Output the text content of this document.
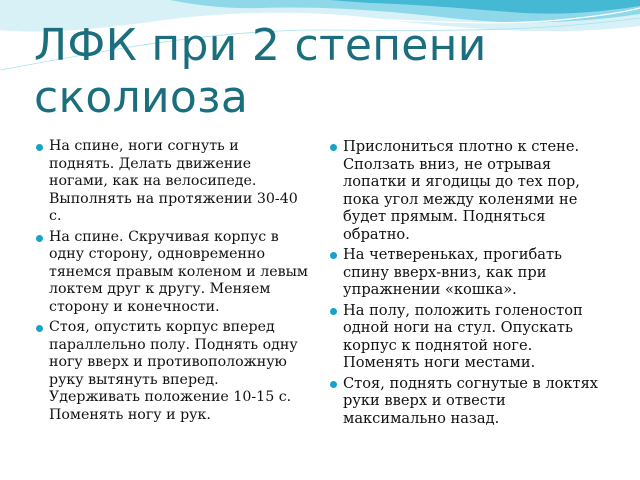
ЛФК при 2 степени сколиоза
На спине, ноги согнуть и поднять. Делать движение ногами, как на велосипеде. Выполнять на протяжении 30-40 с.
На спине. Скручивая корпус в одну сторону, одновременно тянемся правым коленом и левым локтем друг к другу. Меняем сторону и конечности.
Стоя, опустить корпус вперед параллельно полу. Поднять одну ногу вверх и противоположную руку вытянуть вперед. Удерживать положение 10-15 с. Поменять ногу и рук.
Прислониться плотно к стене. Сползать вниз, не отрывая лопатки и ягодицы до тех пор, пока угол между коленями не будет прямым. Подняться обратно.
На четвереньках, прогибать спину вверх-вниз, как при упражнении «кошка».
На полу, положить голеностоп одной ноги на стул. Опускать корпус к поднятой ноге. Поменять ноги местами.
Стоя, поднять согнутые в локтях руки вверх и отвести максимально назад.
